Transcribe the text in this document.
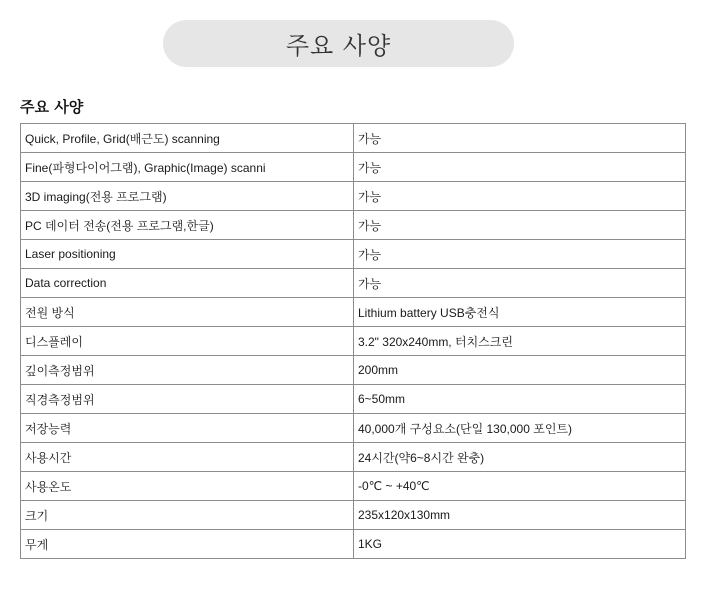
주요 사양
주요 사양
Quick, Profile, Grid(배근도) scanning	가능
Fine(파형다이어그램), Graphic(Image) scanni	가능
3D imaging(전용 프로그램)	가능
PC 데이터 전송(전용 프로그램,한글)	가능
Laser positioning	가능
Data correction	가능
전원 방식	Lithium battery USB충전식
디스플레이	3.2" 320x240mm, 터치스크린
깊이측정범위	200mm
직경측정범위	6~50mm
저장능력	40,000개 구성요소(단일 130,000 포인트)
사용시간	24시간(약6~8시간 완충)
사용온도	-0℃ ~ +40℃
크기	235x120x130mm
무게	1KG
